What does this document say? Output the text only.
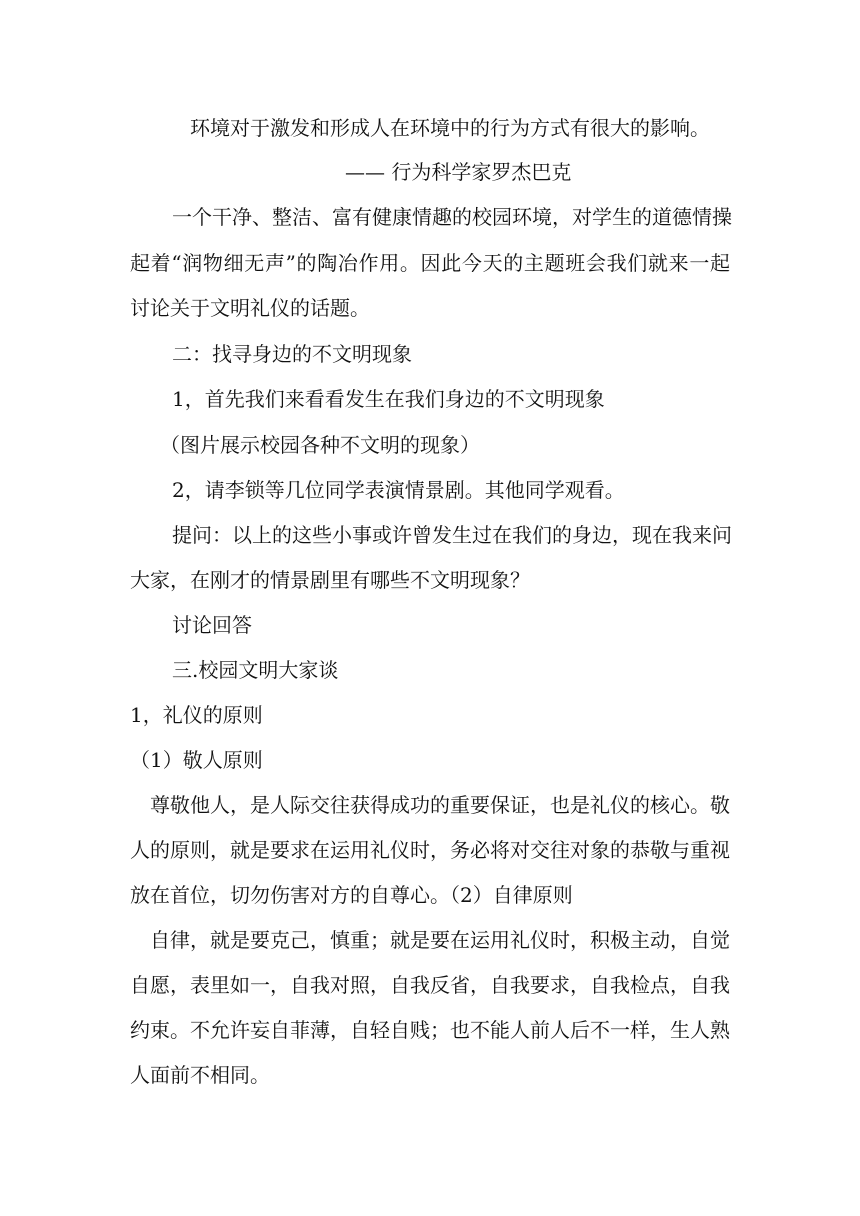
环境对于激发和形成人在环境中的行为方式有很大的影响。
—— 行为科学家罗杰巴克
一个干净、整洁、富有健康情趣的校园环境，对学生的道德情操
起着“润物细无声”的陶冶作用。因此今天的主题班会我们就来一起
讨论关于文明礼仪的话题。
二：找寻身边的不文明现象
1，首先我们来看看发生在我们身边的不文明现象
（图片展示校园各种不文明的现象）
2，请李锁等几位同学表演情景剧。其他同学观看。
提问：以上的这些小事或许曾发生过在我们的身边，现在我来问
大家，在刚才的情景剧里有哪些不文明现象？
讨论回答
三.校园文明大家谈
1，礼仪的原则
（1）敬人原则
尊敬他人，是人际交往获得成功的重要保证，也是礼仪的核心。敬
人的原则，就是要求在运用礼仪时，务必将对交往对象的恭敬与重视
放在首位，切勿伤害对方的自尊心。（2）自律原则
自律，就是要克己，慎重；就是要在运用礼仪时，积极主动，自觉
自愿，表里如一，自我对照，自我反省，自我要求，自我检点，自我
约束。不允许妄自菲薄，自轻自贱；也不能人前人后不一样，生人熟
人面前不相同。
